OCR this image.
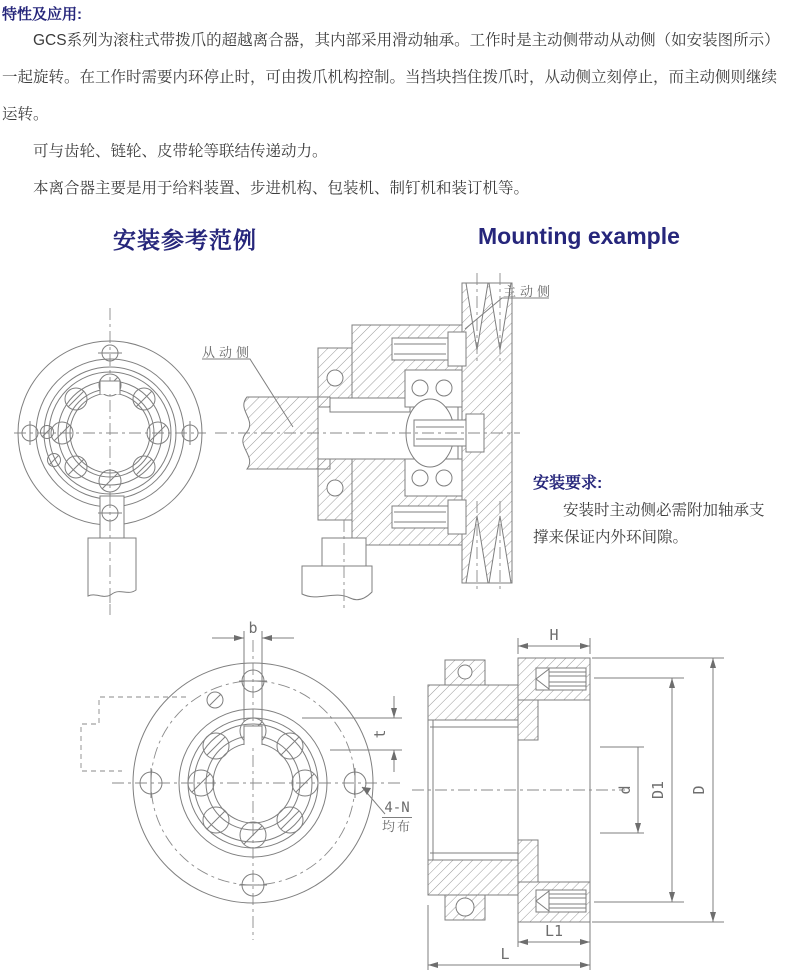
特性及应用:
GCS系列为滚柱式带拨爪的超越离合器，其内部采用滑动轴承。工作时是主动侧带动从动侧（如安装图所示）
一起旋转。在工作时需要内环停止时，可由拨爪机构控制。当挡块挡住拨爪时，从动侧立刻停止，而主动侧则继续
运转。
可与齿轮、链轮、皮带轮等联结传递动力。
本离合器主要是用于给料装置、步进机构、包装机、制钉机和装订机等。
安装参考范例	Mounting example
从动侧
主动侧
安装要求:
安装时主动侧必需附加轴承支
撑来保证内外环间隙。
b
t
H
d D1 D
L1
L
4-N
均布
